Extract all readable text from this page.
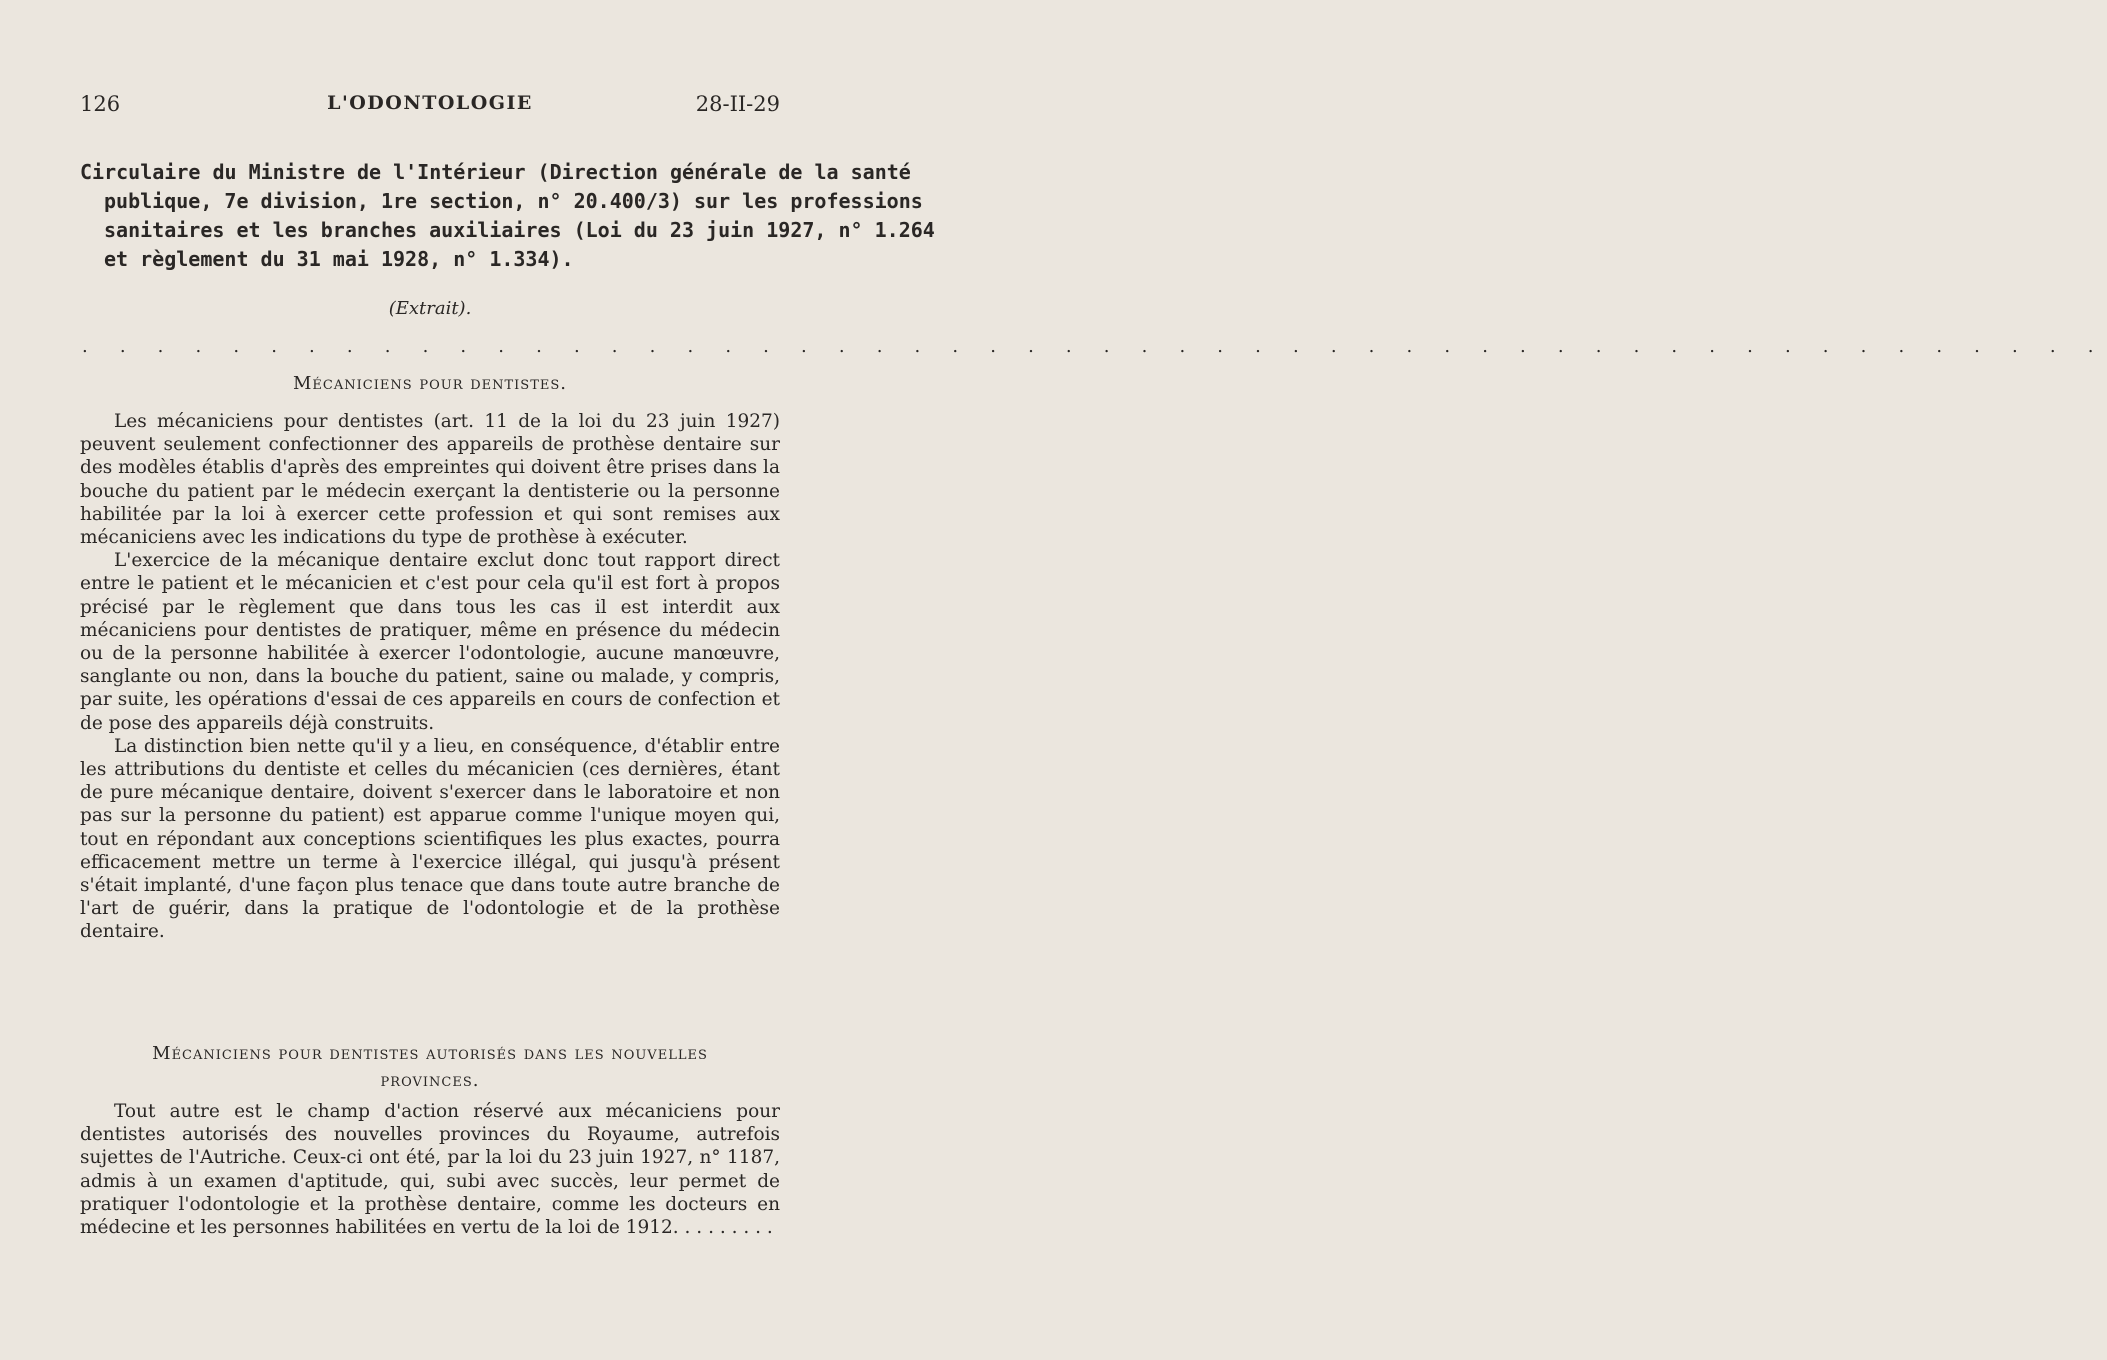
126	L'ODONTOLOGIE	28-II-29

Circulaire du Ministre de l'Intérieur (Direction générale de la santé

publique, 7e division, 1re section, n° 20.400/3) sur les professions

sanitaires et les branches auxiliaires (Loi du 23 juin 1927, n° 1.264

et règlement du 31 mai 1928, n° 1.334).

(Extrait).
. . . . . . . . . . . . . . . . . . . . . . . . . . . . . . . . . . . . . . . . . . . . . . . . . . . . . .
Mécaniciens pour dentistes.

Les mécaniciens pour dentistes (art. 11 de la loi du 23 juin 1927) peuvent seulement confectionner des appareils de prothèse dentaire sur des modèles établis d'après des empreintes qui doivent être prises dans la bouche du patient par le médecin exerçant la dentisterie ou la personne habilitée par la loi à exercer cette profession et qui sont remises aux mécaniciens avec les indications du type de prothèse à exécuter.

L'exercice de la mécanique dentaire exclut donc tout rapport direct entre le patient et le mécanicien et c'est pour cela qu'il est fort à propos précisé par le règlement que dans tous les cas il est interdit aux mécaniciens pour dentistes de pratiquer, même en présence du médecin ou de la personne habilitée à exercer l'odontologie, aucune manœuvre, sanglante ou non, dans la bouche du patient, saine ou malade, y compris, par suite, les opérations d'essai de ces appareils en cours de confection et de pose des appareils déjà construits.

La distinction bien nette qu'il y a lieu, en conséquence, d'établir entre les attributions du dentiste et celles du mécanicien (ces dernières, étant de pure mécanique dentaire, doivent s'exercer dans le laboratoire et non pas sur la personne du patient) est apparue comme l'unique moyen qui, tout en répondant aux conceptions scientifiques les plus exactes, pourra efficacement mettre un terme à l'exercice illégal, qui jusqu'à présent s'était implanté, d'une façon plus tenace que dans toute autre branche de l'art de guérir, dans la pratique de l'odontologie et de la prothèse dentaire.

Mécaniciens pour dentistes autorisés dans les nouvelles
provinces.

Tout autre est le champ d'action réservé aux mécaniciens pour dentistes autorisés des nouvelles provinces du Royaume, autrefois sujettes de l'Autriche. Ceux-ci ont été, par la loi du 23 juin 1927, n° 1187, admis à un examen d'aptitude, qui, subi avec succès, leur permet de pratiquer l'odontologie et la prothèse dentaire, comme les docteurs en médecine et les personnes habilitées en vertu de la loi de 1912. . . . . . . . .
